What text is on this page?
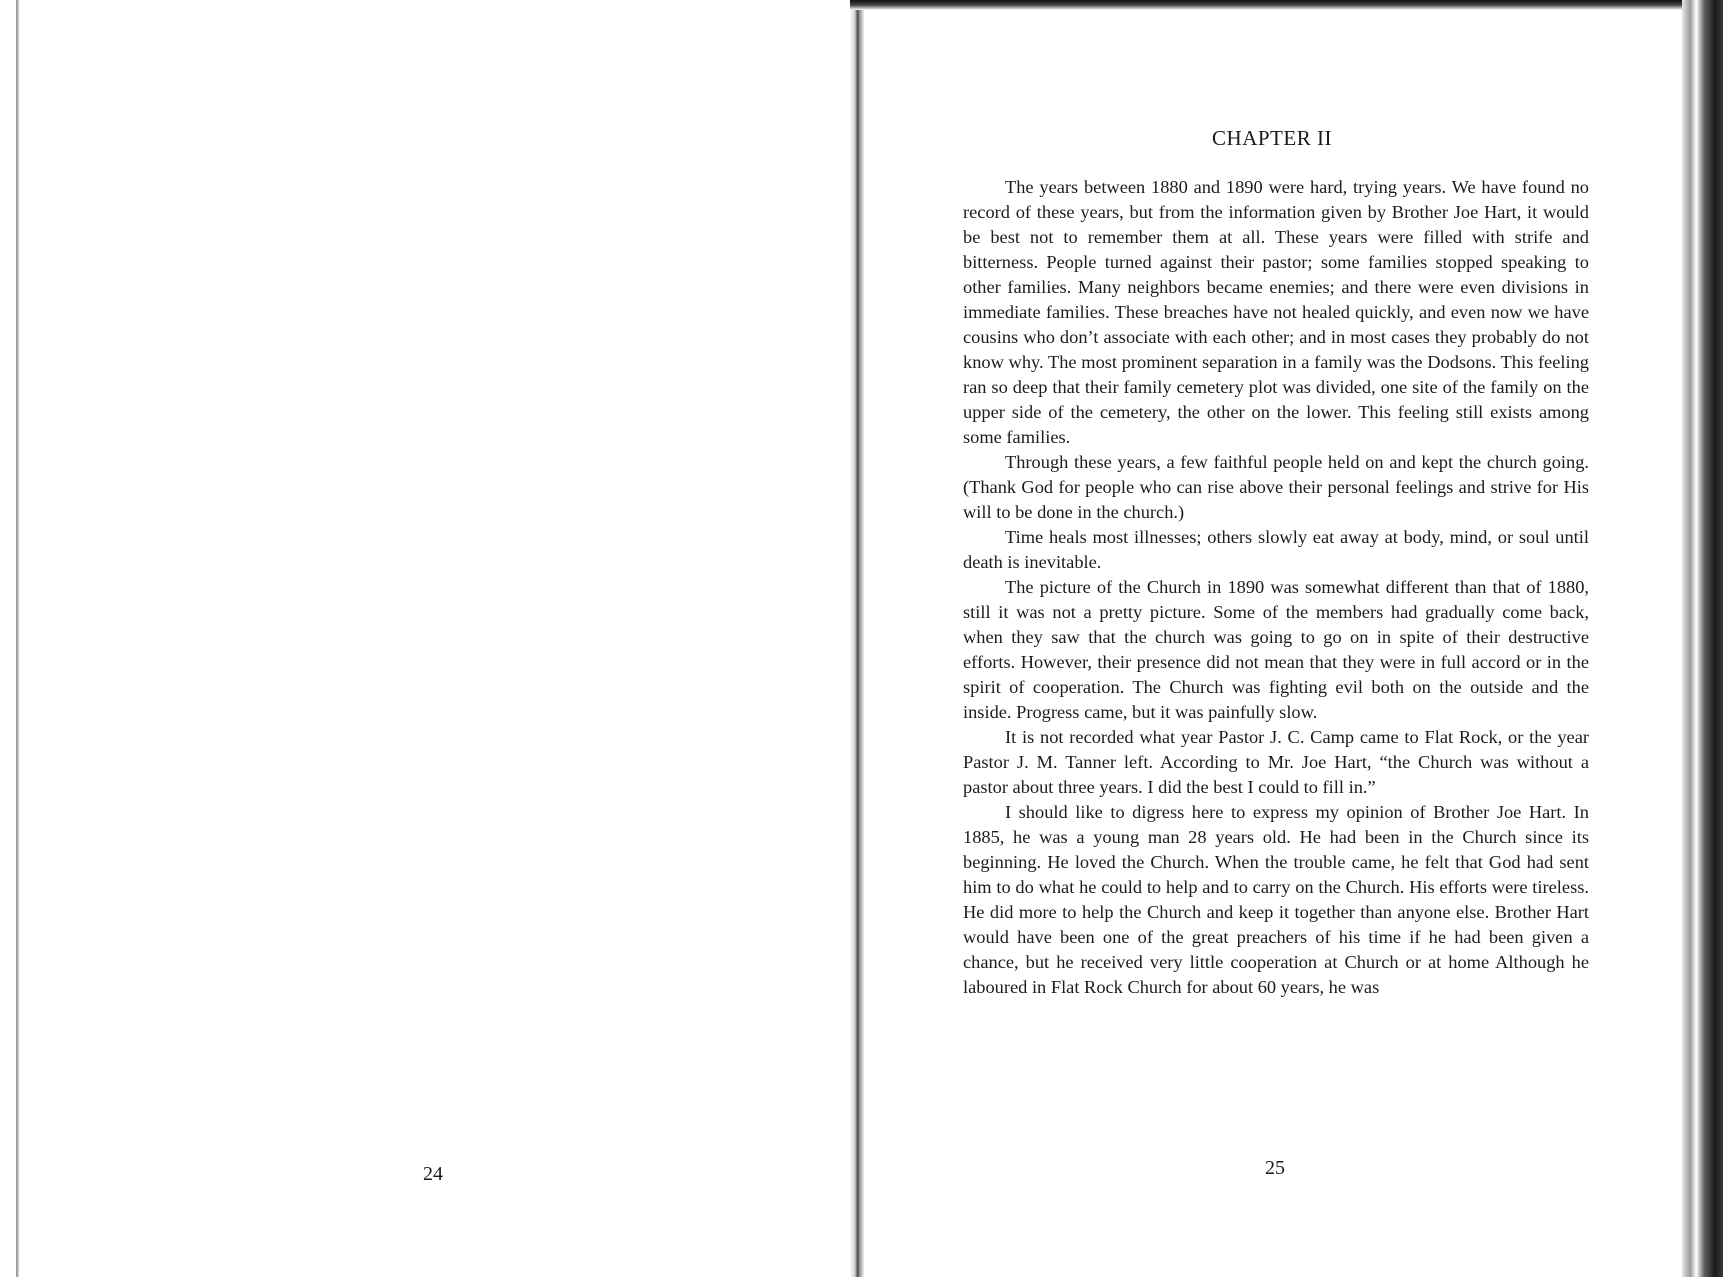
24

CHAPTER II

The years between 1880 and 1890 were hard, trying years. We have found no record of these years, but from the information given by Brother Joe Hart, it would be best not to remember them at all. These years were filled with strife and bitterness. People turned against their pastor; some families stopped speaking to other families. Many neighbors became enemies; and there were even divisions in immediate families. These breaches have not healed quickly, and even now we have cousins who don’t associate with each other; and in most cases they probably do not know why. The most prominent separation in a family was the Dodsons. This feeling ran so deep that their family cemetery plot was divided, one site of the family on the upper side of the cemetery, the other on the lower. This feeling still exists among some families.

Through these years, a few faithful people held on and kept the church going. (Thank God for people who can rise above their personal feelings and strive for His will to be done in the church.)

Time heals most illnesses; others slowly eat away at body, mind, or soul until death is inevitable.

The picture of the Church in 1890 was somewhat different than that of 1880, still it was not a pretty picture. Some of the members had gradually come back, when they saw that the church was going to go on in spite of their destructive efforts. However, their presence did not mean that they were in full accord or in the spirit of cooperation. The Church was fighting evil both on the outside and the inside. Progress came, but it was painfully slow.

It is not recorded what year Pastor J. C. Camp came to Flat Rock, or the year Pastor J. M. Tanner left. According to Mr. Joe Hart, “the Church was without a pastor about three years. I did the best I could to fill in.”

I should like to digress here to express my opinion of Brother Joe Hart. In 1885, he was a young man 28 years old. He had been in the Church since its beginning. He loved the Church. When the trouble came, he felt that God had sent him to do what he could to help and to carry on the Church. His efforts were tireless. He did more to help the Church and keep it together than anyone else. Brother Hart would have been one of the great preachers of his time if he had been given a chance, but he received very little cooperation at Church or at home Although he laboured in Flat Rock Church for about 60 years, he was

25
